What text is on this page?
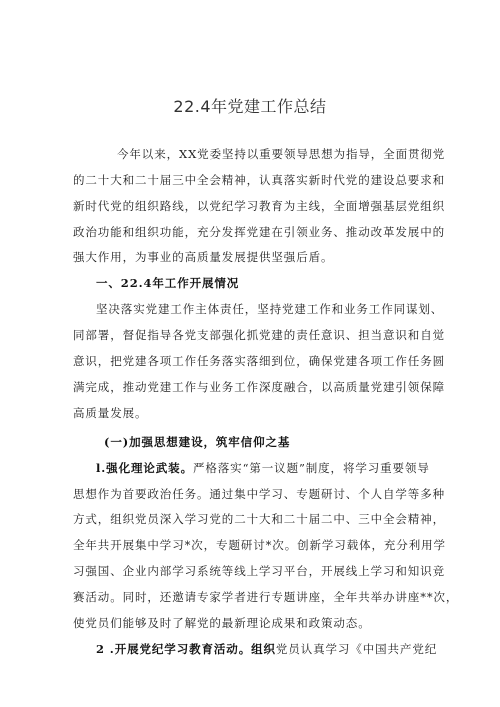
22.4年党建工作总结
今年以来，XX党委坚持以重要领导思想为指导，全面贯彻党
的二十大和二十届三中全会精神，认真落实新时代党的建设总要求和
新时代党的组织路线，以党纪学习教育为主线，全面增强基层党组织
政治功能和组织功能，充分发挥党建在引领业务、推动改革发展中的
强大作用，为事业的高质量发展提供坚强后盾。
一、22.4年工作开展情况
坚决落实党建工作主体责任，坚持党建工作和业务工作同谋划、
同部署，督促指导各党支部强化抓党建的责任意识、担当意识和自觉
意识，把党建各项工作任务落实落细到位，确保党建各项工作任务圆
满完成，推动党建工作与业务工作深度融合，以高质量党建引领保障
高质量发展。
(一)加强思想建设，筑牢信仰之基
l.强化理论武装。严格落实“第一议题”制度，将学习重要领导
思想作为首要政治任务。通过集中学习、专题研讨、个人自学等多种
方式，组织党员深入学习党的二十大和二十届二中、三中全会精神，
全年共开展集中学习*次，专题研讨*次。创新学习载体，充分利用学
习强国、企业内部学习系统等线上学习平台，开展线上学习和知识竞
赛活动。同时，还邀请专家学者进行专题讲座，全年共举办讲座**次，
使党员们能够及时了解党的最新理论成果和政策动态。
2 .开展党纪学习教育活动。组织党员认真学习《中国共产党纪
